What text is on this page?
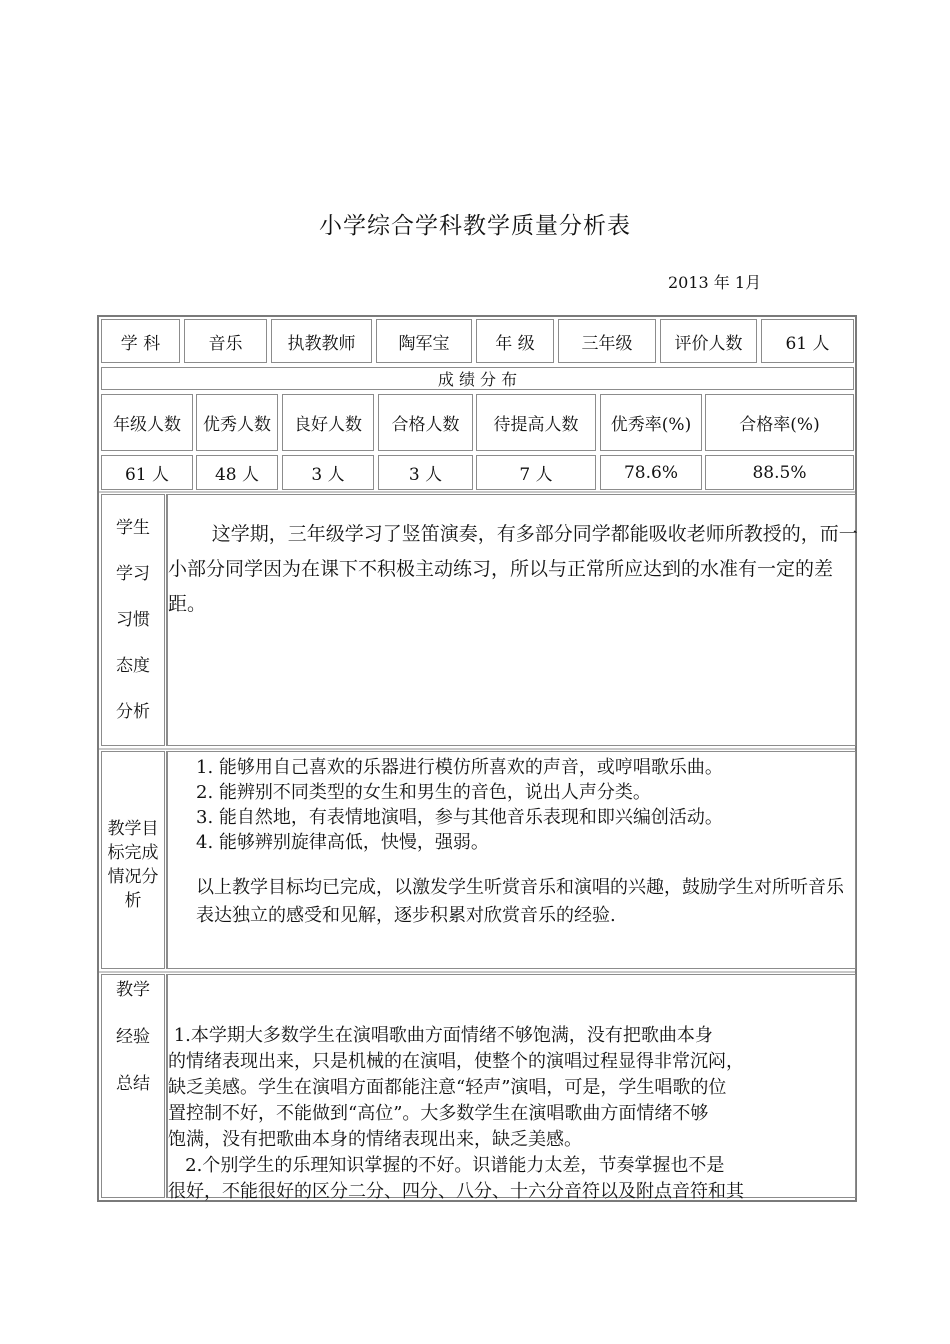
小学综合学科教学质量分析表
2013 年 1月
学 科	音乐	执教教师	陶军宝	年 级	三年级	评价人数	61 人
成 绩 分 布
年级人数	优秀人数	良好人数	合格人数	待提高人数	优秀率(%)	合格率(%)
61 人	48 人	3 人	3 人	7 人	78.6%	88.5%
学生
学习
习惯
态度
分析
这学期，三年级学习了竖笛演奏，有多部分同学都能吸收老师所教授的，而一小部分同学因为在课下不积极主动练习，所以与正常所应达到的水准有一定的差距。
教学目
标完成
情况分
析
1. 能够用自己喜欢的乐器进行模仿所喜欢的声音，或哼唱歌乐曲。
2. 能辨别不同类型的女生和男生的音色，说出人声分类。
3. 能自然地，有表情地演唱，参与其他音乐表现和即兴编创活动。
4. 能够辨别旋律高低，快慢，强弱。
以上教学目标均已完成，以激发学生听赏音乐和演唱的兴趣，鼓励学生对所听音乐表达独立的感受和见解，逐步积累对欣赏音乐的经验.
教学
经验
总结
1.本学期大多数学生在演唱歌曲方面情绪不够饱满，没有把歌曲本身
的情绪表现出来，只是机械的在演唱，使整个的演唱过程显得非常沉闷，
缺乏美感。学生在演唱方面都能注意“轻声”演唱，可是，学生唱歌的位
置控制不好，不能做到“高位”。大多数学生在演唱歌曲方面情绪不够
饱满，没有把歌曲本身的情绪表现出来，缺乏美感。
2.个别学生的乐理知识掌握的不好。识谱能力太差，节奏掌握也不是
很好，不能很好的区分二分、四分、八分、十六分音符以及附点音符和其
